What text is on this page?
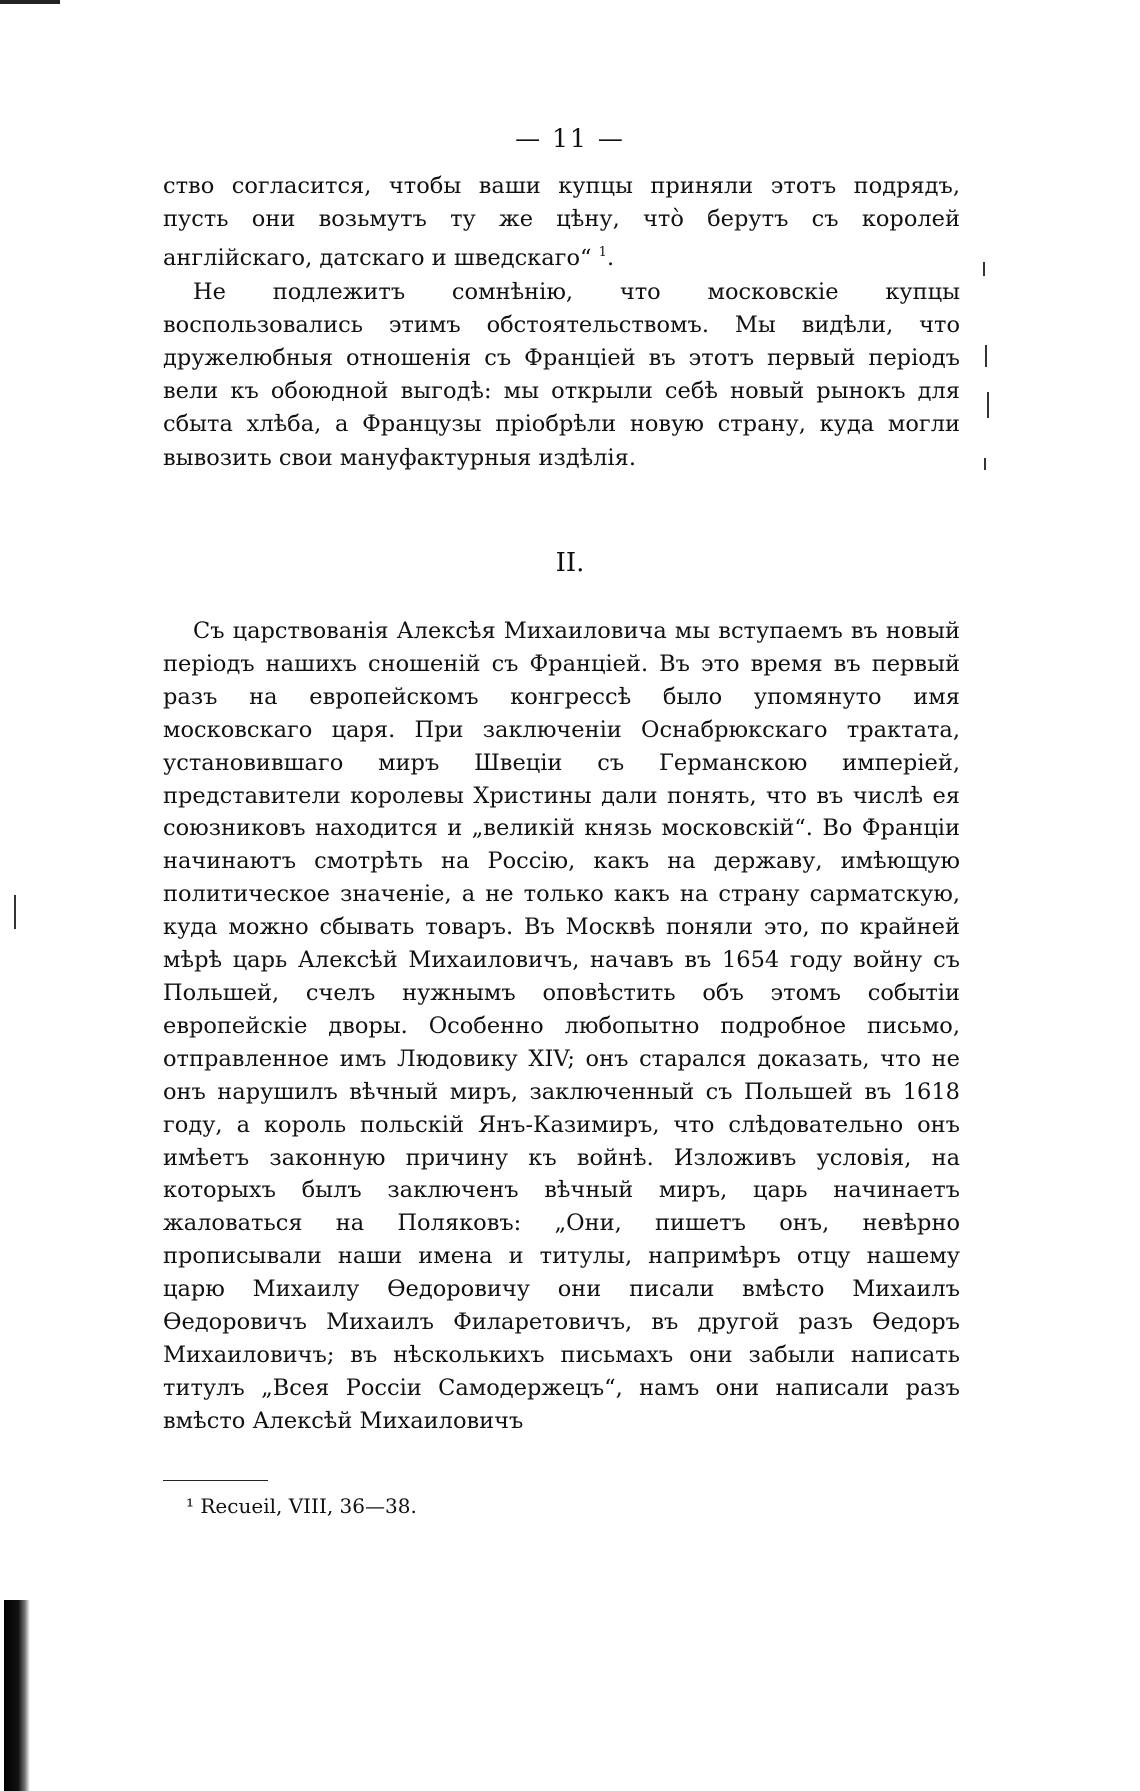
— 11 —

ство согласится, чтобы ваши купцы приняли этотъ подрядъ, пусть они возьмутъ ту же цѣну, что̀ берутъ съ королей англійскаго, датскаго и шведскаго“ $^1$.

Не подлежитъ сомнѣнію, что московскіе купцы воспользовались этимъ обстоятельствомъ. Мы видѣли, что дружелюбныя отношенія съ Франціей въ этотъ первый періодъ вели къ обоюдной выгодѣ: мы открыли себѣ новый рынокъ для сбыта хлѣба, а Французы пріобрѣли новую страну, куда могли вывозить свои мануфактурныя издѣлія.

II.

Съ царствованія Алексѣя Михаиловича мы вступаемъ въ новый періодъ нашихъ сношеній съ Франціей. Въ это время въ первый разъ на европейскомъ конгрессѣ было упомянуто имя московскаго царя. При заключеніи Оснабрюкскаго трактата, установившаго миръ Швеціи съ Германскою имперіей, представители королевы Христины дали понять, что въ числѣ ея союзниковъ находится и „великій князь московскій“. Во Франціи начинаютъ смотрѣть на Россію, какъ на державу, имѣющую политическое значеніе, а не только какъ на страну сарматскую, куда можно сбывать товаръ. Въ Москвѣ поняли это, по крайней мѣрѣ царь Алексѣй Михаиловичъ, начавъ въ 1654 году войну съ Польшей, счелъ нужнымъ оповѣстить объ этомъ событіи европейскіе дворы. Особенно любопытно подробное письмо, отправленное имъ Людовику XIV; онъ старался доказать, что не онъ нарушилъ вѣчный миръ, заключенный съ Польшей въ 1618 году, а король польскій Янъ-Казимиръ, что слѣдовательно онъ имѣетъ законную причину къ войнѣ. Изложивъ условія, на которыхъ былъ заключенъ вѣчный миръ, царь начинаетъ жаловаться на Поляковъ: „Они, пишетъ онъ, невѣрно прописывали наши имена и титулы, напримѣръ отцу нашему царю Михаилу Ѳедоровичу они писали вмѣсто Михаилъ Ѳедоровичъ Михаилъ Филаретовичъ, въ другой разъ Ѳедоръ Михаиловичъ; въ нѣсколькихъ письмахъ они забыли написать титулъ „Всея Россіи Самодержецъ“, намъ они написали разъ вмѣсто Алексѣй Михаиловичъ

¹ Recueil, VIII, 36—38.
